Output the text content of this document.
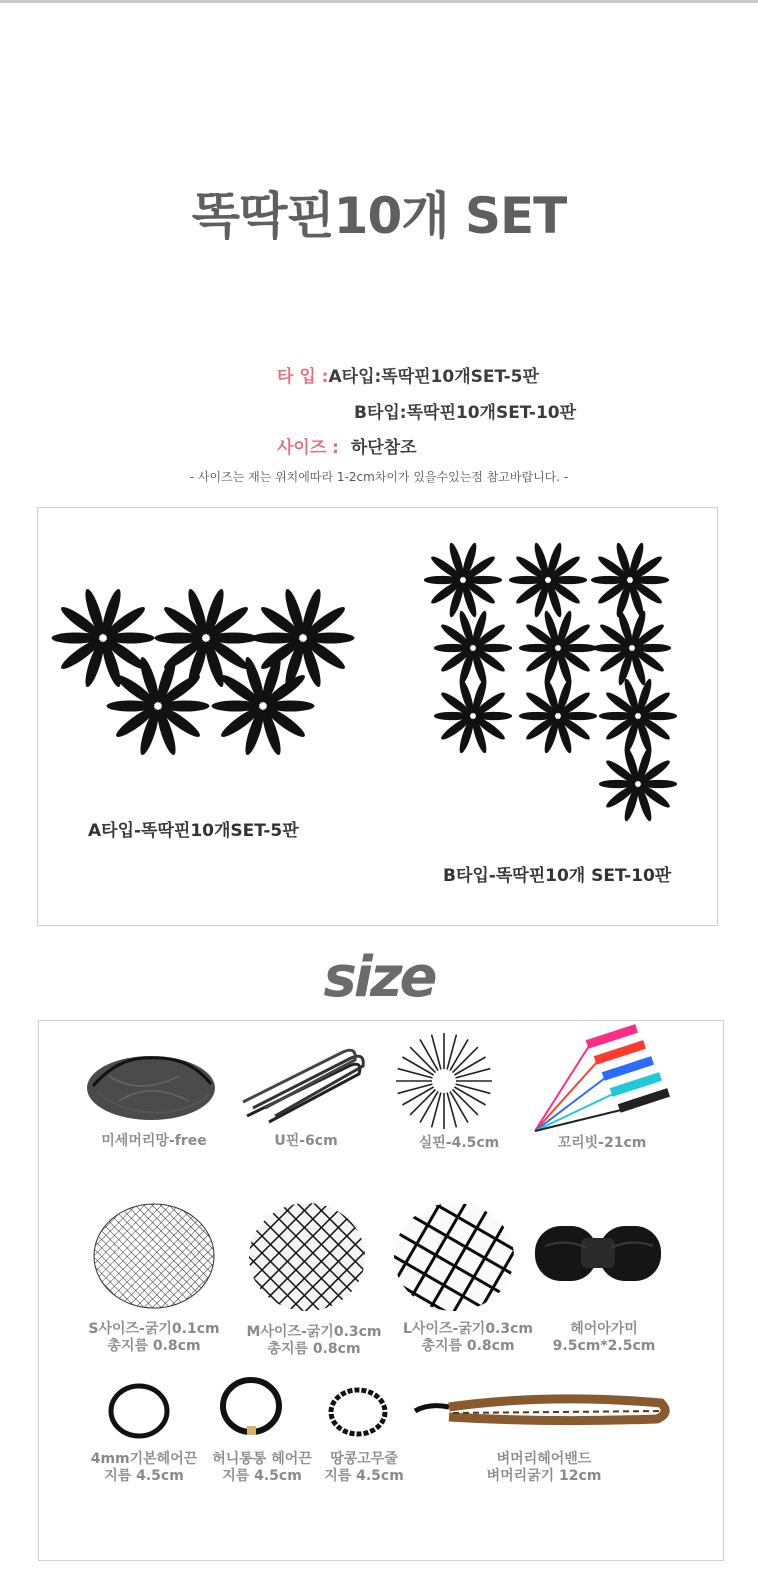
똑딱핀10개 SET
타 입 :A타입:똑딱핀10개SET-5판
B타입:똑딱핀10개SET-10판
사이즈 : 하단참조
- 사이즈는 재는 위치에따라 1-2cm차이가 있을수있는점 참고바랍니다. -
A타입-똑딱핀10개SET-5판
B타입-똑딱핀10개 SET-10판
size
미세머리망-free	U핀-6cm	실핀-4.5cm	꼬리빗-21cm
S사이즈-굵기0.1cm
총지름 0.8cm
M사이즈-굵기0.3cm
총지름 0.8cm
L사이즈-굵기0.3cm
총지름 0.8cm
헤어아가미
9.5cm*2.5cm
4mm기본헤어끈
지름 4.5cm
허니통통 헤어끈
지름 4.5cm
땅콩고무줄
지름 4.5cm
벼머리헤어밴드
벼머리굵기 12cm
